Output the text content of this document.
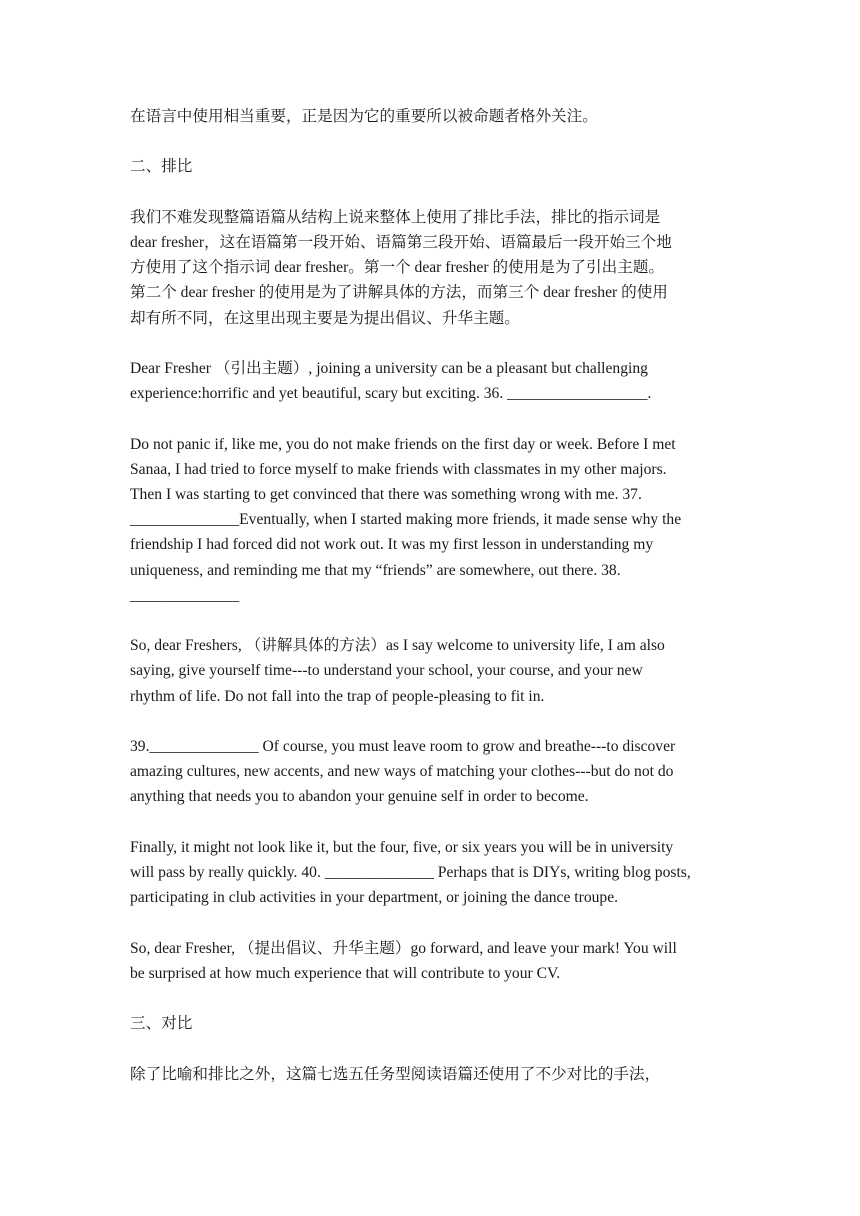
在语言中使用相当重要，正是因为它的重要所以被命题者格外关注。
二、排比
我们不难发现整篇语篇从结构上说来整体上使用了排比手法，排比的指示词是
dear fresher，这在语篇第一段开始、语篇第三段开始、语篇最后一段开始三个地
方使用了这个指示词 dear fresher。第一个 dear fresher 的使用是为了引出主题。
第二个 dear fresher 的使用是为了讲解具体的方法，而第三个 dear fresher 的使用
却有所不同，在这里出现主要是为提出倡议、升华主题。
Dear Fresher （引出主题）, joining a university can be a pleasant but challenging
experience:horrific and yet beautiful, scary but exciting. 36. __________________.
Do not panic if, like me, you do not make friends on the first day or week. Before I met
Sanaa, I had tried to force myself to make friends with classmates in my other majors.
Then I was starting to get convinced that there was something wrong with me. 37.
______________Eventually, when I started making more friends, it made sense why the
friendship I had forced did not work out. It was my first lesson in understanding my
uniqueness, and reminding me that my “friends” are somewhere, out there. 38.
______________
So, dear Freshers, （讲解具体的方法）as I say welcome to university life, I am also
saying, give yourself time---to understand your school, your course, and your new
rhythm of life. Do not fall into the trap of people-pleasing to fit in.
39.______________ Of course, you must leave room to grow and breathe---to discover
amazing cultures, new accents, and new ways of matching your clothes---but do not do
anything that needs you to abandon your genuine self in order to become.
Finally, it might not look like it, but the four, five, or six years you will be in university
will pass by really quickly. 40. ______________ Perhaps that is DIYs, writing blog posts,
participating in club activities in your department, or joining the dance troupe.
So, dear Fresher, （提出倡议、升华主题）go forward, and leave your mark! You will
be surprised at how much experience that will contribute to your CV.
三、对比
除了比喻和排比之外，这篇七选五任务型阅读语篇还使用了不少对比的手法，
